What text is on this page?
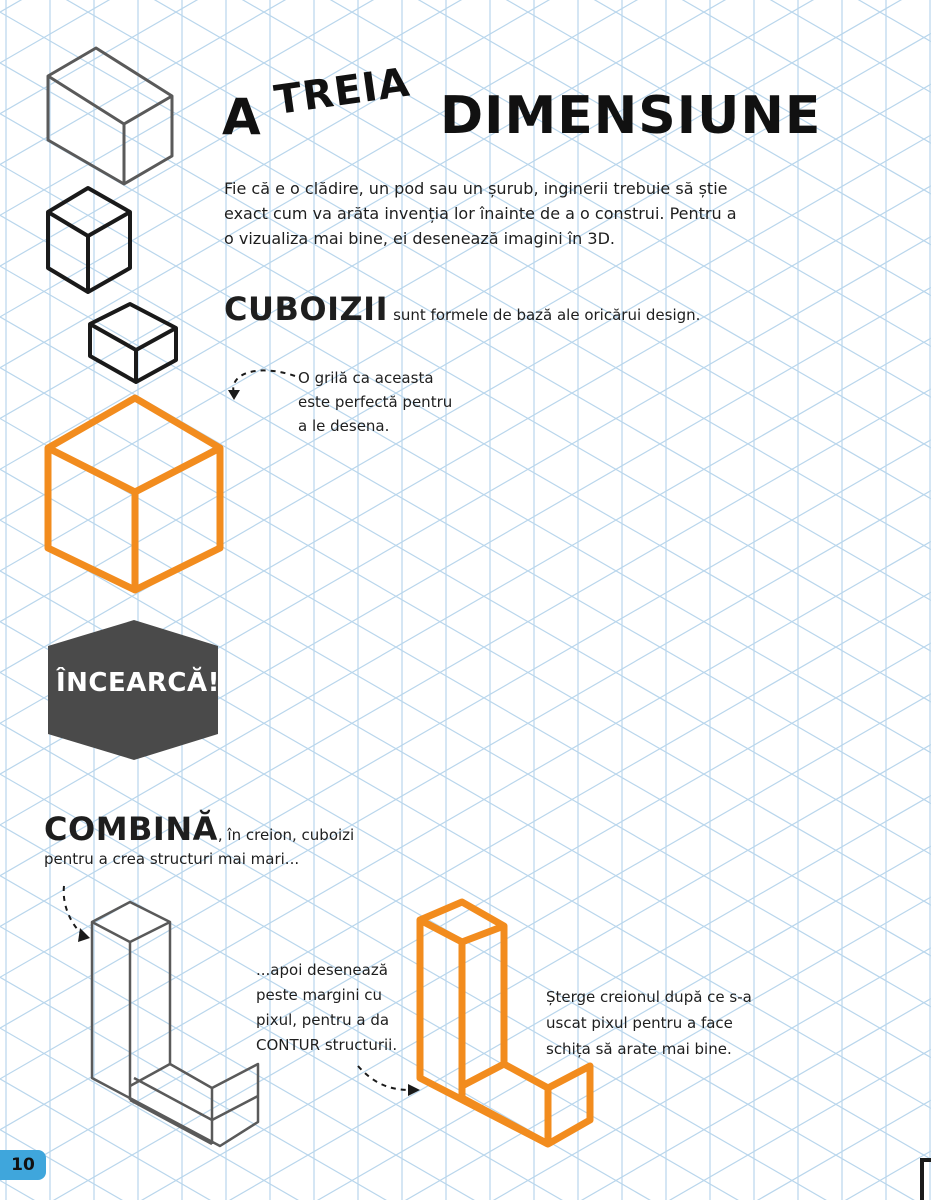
A TREIA DIMENSIUNE
Fie că e o clădire, un pod sau un șurub, inginerii trebuie să știe
exact cum va arăta invenția lor înainte de a o construi. Pentru a
o vizualiza mai bine, ei desenează imagini în 3D.
CUBOIZII sunt formele de bază ale oricărui design.
O grilă ca aceasta
este perfectă pentru
a le desena.
ÎNCEARCĂ!
COMBINĂ, în creion, cuboizi
pentru a crea structuri mai mari...
...apoi desenează
peste margini cu
pixul, pentru a da
CONTUR structurii.
Șterge creionul după ce s-a
uscat pixul pentru a face
schița să arate mai bine.
10
